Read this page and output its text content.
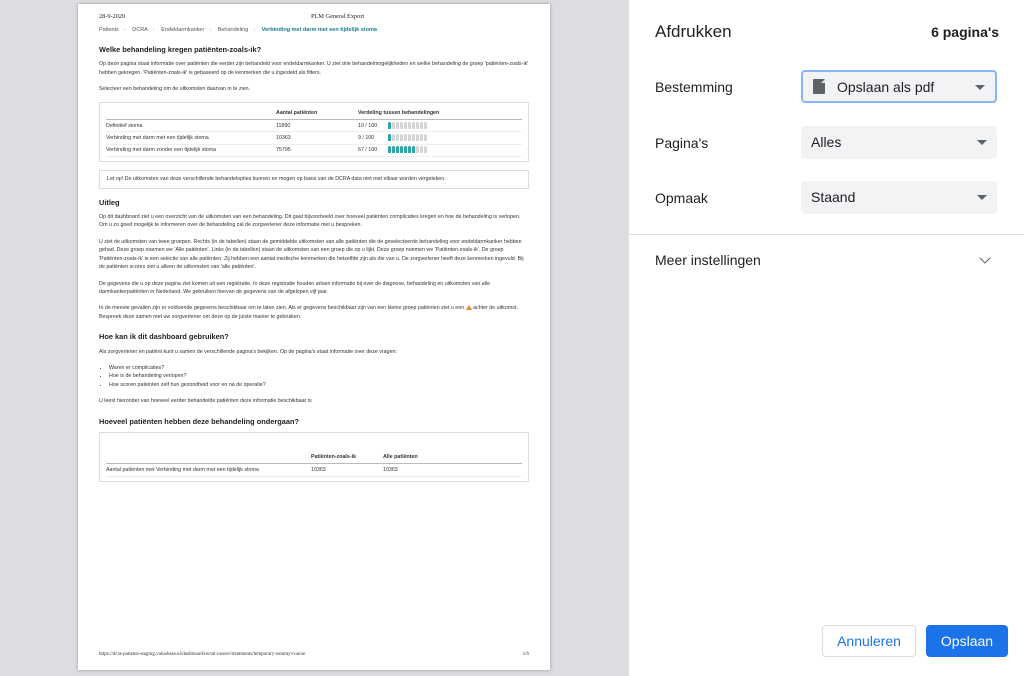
28-9-2020	PLM General Export
Patients › DCRA › Endeldarmkanker › Behandeling › Verbinding met darm met een tijdelijk stoma
Welke behandeling kregen patiënten-zoals-ik?

Op deze pagina staat informatie over patiënten die eerder zijn behandeld voor endeldarmkanker. U ziet drie behandelmogelijkheden en welke behandeling de groep 'patiënten-zoals-ik' hebben gekregen. 'Patiënten-zoals-ik' is gebaseerd op de kenmerken die u ingesteld als filters.

Selecteer een behandeling om de uitkomsten daarvan in te zien.

	Aantal patiënten	Verdeling tussen behandelingen
Definitief stoma	11890	10 / 100

Verbinding met darm met een tijdelijk stoma	10363	9 / 100

Verbinding met darm zonder een tijdelijk stoma	75795	67 / 100
Let op! De uitkomsten van deze verschillende behandelopties kunnen en mogen op basis van de DCRA data niet met elkaar worden vergeleken.
Uitleg

Op dit dashboard ziet u een overzicht van de uitkomsten van een behandeling. Dit gaat bijvoorbeeld over hoeveel patiënten complicaties kregen en hoe de behandeling is verlopen. Om u zo goed mogelijk te informeren over de behandeling zal de zorgverlener deze informatie met u bespreken.

U ziet de uitkomsten van twee groepen. Rechts (in de tabellen) staan de gemiddelde uitkomsten van alle patiënten die de geselecteerde behandeling voor endeldarmkanker hebben gehad. Deze groep noemen we 'Alle patiënten'. Links (in de tabellen) staan de uitkomsten van een groep die op u lijkt. Deze groep noemen we 'Patiënten-zoals-ik'. De groep 'Patiënten-zoals-ik' is een selectie van alle patiënten. Zij hebben een aantal medische kenmerken die hetzelfde zijn als die van u. De zorgverlener heeft deze kenmerken ingevuld. Bij de patiënten scores ziet u alleen de uitkomsten van 'alle patiënten'.

De gegevens die u op deze pagina ziet komen uit een registratie. In deze registratie houden artsen informatie bij over de diagnose, behandeling en uitkomsten van alle darmkankerpatiënten in Nederland. We gebruiken hiervan de gegevens van de afgelopen vijf jaar.

In de meeste gevallen zijn er voldoende gegevens beschikbaar om te laten zien. Als er gegevens beschikbaar zijn van een kleine groep patiënten ziet u een achter de uitkomst. Bespreek deze samen met uw zorgverlener om deze op de juiste manier te gebruiken.

Hoe kan ik dit dashboard gebruiken?

Als zorgverlener en patiënt kunt u samen de verschillende pagina's bekijken. Op de pagina's staat informatie over deze vragen:

• Waren er complicaties?
• Hoe is de behandeling verlopen?
• Hoe scoren patiënten zelf hun gezondheid voor en na de operatie?

U leest hieronder van hoeveel eerder behandelde patiënten deze informatie beschikbaar is

Hoeveel patiënten hebben deze behandeling ondergaan?
	Patiënten-zoals-ik	Alle patiënten
Aantal patiënten met Verbinding met darm met een tijdelijk stoma	10363	10363
https://dcra-patients-staging.valuebase.nl/dashboard/rectal-cancer/treatments/temporary-ostomy/course	1/6
Afdrukken	6 pagina's
Bestemming	Opslaan als pdf
Pagina's	Alles
Opmaak	Staand
Meer instellingen
Annuleren	Opslaan
